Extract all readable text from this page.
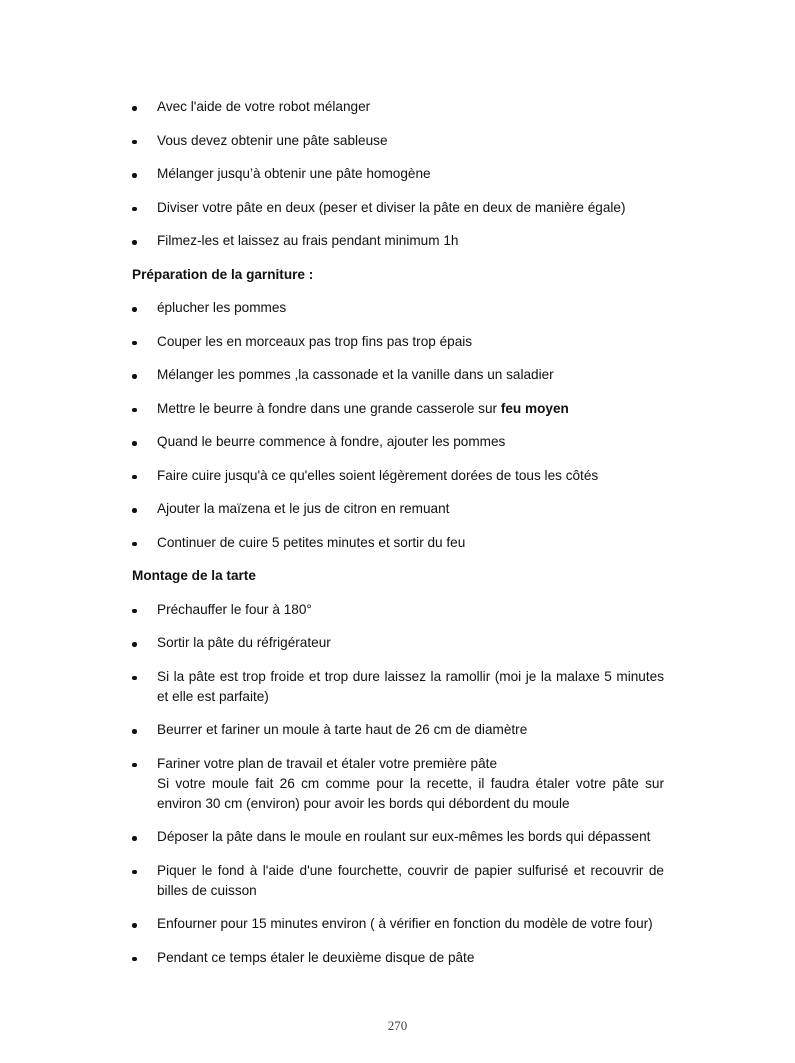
Avec l'aide de votre robot mélanger
Vous devez obtenir une pâte sableuse
Mélanger jusqu’à obtenir une pâte homogène
Diviser votre pâte en deux (peser et diviser la pâte en deux de manière égale)
Filmez-les et laissez au frais pendant minimum 1h
Préparation de la garniture :
éplucher les pommes
Couper les en morceaux pas trop fins pas trop épais
Mélanger les pommes ,la cassonade et la vanille dans un saladier
Mettre le beurre à fondre dans une grande casserole sur feu moyen
Quand le beurre commence à fondre, ajouter les pommes
Faire cuire jusqu'à ce qu'elles soient légèrement dorées de tous les côtés
Ajouter la maïzena et le jus de citron en remuant
Continuer de cuire 5 petites minutes et sortir du feu
Montage de la tarte
Préchauffer le four à 180°
Sortir la pâte du réfrigérateur
Si la pâte est trop froide et trop dure laissez la ramollir (moi je la malaxe 5 minutes et elle est parfaite)
Beurrer et fariner un moule à tarte haut de 26 cm de diamètre
Fariner votre plan de travail et étaler votre première pâte
Si votre moule fait 26 cm comme pour la recette, il faudra étaler votre pâte sur environ 30 cm (environ) pour avoir les bords qui débordent du moule
Déposer la pâte dans le moule en roulant sur eux-mêmes les bords qui dépassent
Piquer le fond à l'aide d'une fourchette, couvrir de papier sulfurisé et recouvrir de billes de cuisson
Enfourner pour 15 minutes environ ( à vérifier en fonction du modèle de votre four)
Pendant ce temps étaler le deuxième disque de pâte
270
